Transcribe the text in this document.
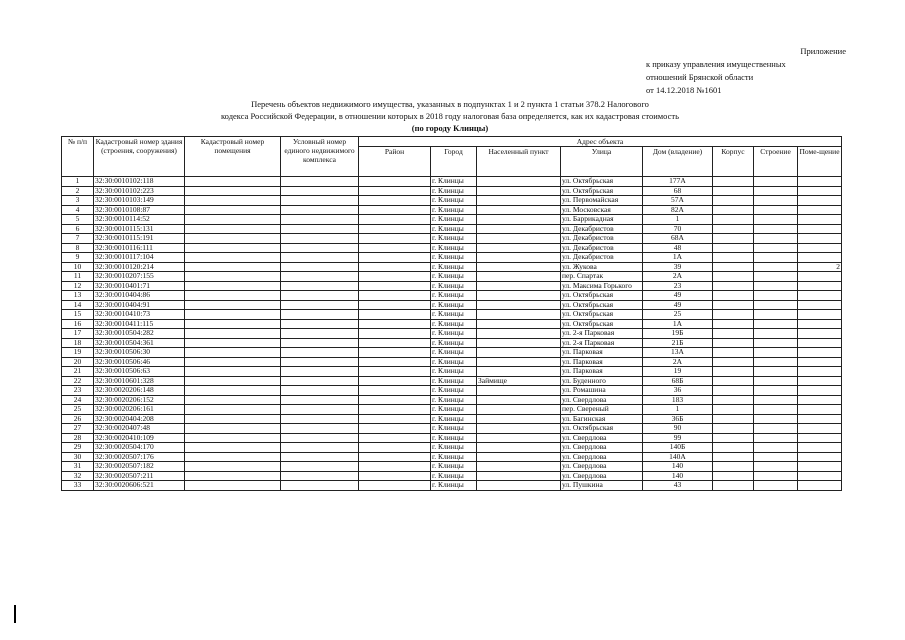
Приложение
к приказу управления имущественных
отношений Брянской области
от 14.12.2018 №1601
Перечень объектов недвижимого имущества, указанных в подпунктах 1 и 2 пункта 1 статьи 378.2 Налогового
кодекса Российской Федерации, в отношении которых в 2018 году налоговая база определяется, как их кадастровая стоимость
(по городу Клинцы)
№ п/п	Кадастровый номер здания (строения, сооружения)	Кадастровый номер помещения	Условный номер единого недвижимого комплекса	Адрес объекта							
				Район	Город	Населенный пункт	Улица	Дом (владение)	Корпус	Строение	Поме-щение
1	32:30:0010102:118				г. Клинцы		ул. Октябрьская	177А			
2	32:30:0010102:223				г. Клинцы		ул. Октябрьская	68			
3	32:30:0010103:149				г. Клинцы		ул. Первомайская	57А			
4	32:30:0010108:87				г. Клинцы		ул. Московская	82А			
5	32:30:0010114:52				г. Клинцы		ул. Баррикадная	1			
6	32:30:0010115:131				г. Клинцы		ул. Декабристов	70			
7	32:30:0010115:191				г. Клинцы		ул. Декабристов	68А			
8	32:30:0010116:111				г. Клинцы		ул. Декабристов	48			
9	32:30:0010117:104				г. Клинцы		ул. Декабристов	1А			
10	32:30:0010120:214				г. Клинцы		ул. Жукова	39			2
11	32:30:0010207:155				г. Клинцы		пер. Спартак	2А			
12	32:30:0010401:71				г. Клинцы		ул. Максима Горького	23			
13	32:30:0010404:86				г. Клинцы		ул. Октябрьская	49			
14	32:30:0010404:91				г. Клинцы		ул. Октябрьская	49			
15	32:30:0010410:73				г. Клинцы		ул. Октябрьская	25			
16	32:30:0010411:115				г. Клинцы		ул. Октябрьская	1А			
17	32:30:0010504:282				г. Клинцы		ул. 2-я Парковая	19Б			
18	32:30:0010504:361				г. Клинцы		ул. 2-я Парковая	21Б			
19	32:30:0010506:30				г. Клинцы		ул. Парковая	13А			
20	32:30:0010506:46				г. Клинцы		ул. Парковая	2А			
21	32:30:0010506:63				г. Клинцы		ул. Парковая	19			
22	32:30:0010601:328				г. Клинцы	Займище	ул. Буденного	68Б			
23	32:30:0020206:148				г. Клинцы		ул. Ромашина	36			
24	32:30:0020206:152				г. Клинцы		ул. Свердлова	183			
25	32:30:0020206:161				г. Клинцы		пер. Свереный	1			
26	32:30:0020404:208				г. Клинцы		ул. Багинская	36Б			
27	32:30:0020407:48				г. Клинцы		ул. Октябрьская	90			
28	32:30:0020410:109				г. Клинцы		ул. Свердлова	99			
29	32:30:0020504:170				г. Клинцы		ул. Свердлова	140Б			
30	32:30:0020507:176				г. Клинцы		ул. Свердлова	140А			
31	32:30:0020507:182				г. Клинцы		ул. Свердлова	140			
32	32:30:0020507:211				г. Клинцы		ул. Свердлова	140			
33	32:30:0020606:521				г. Клинцы		ул. Пушкина	43			
